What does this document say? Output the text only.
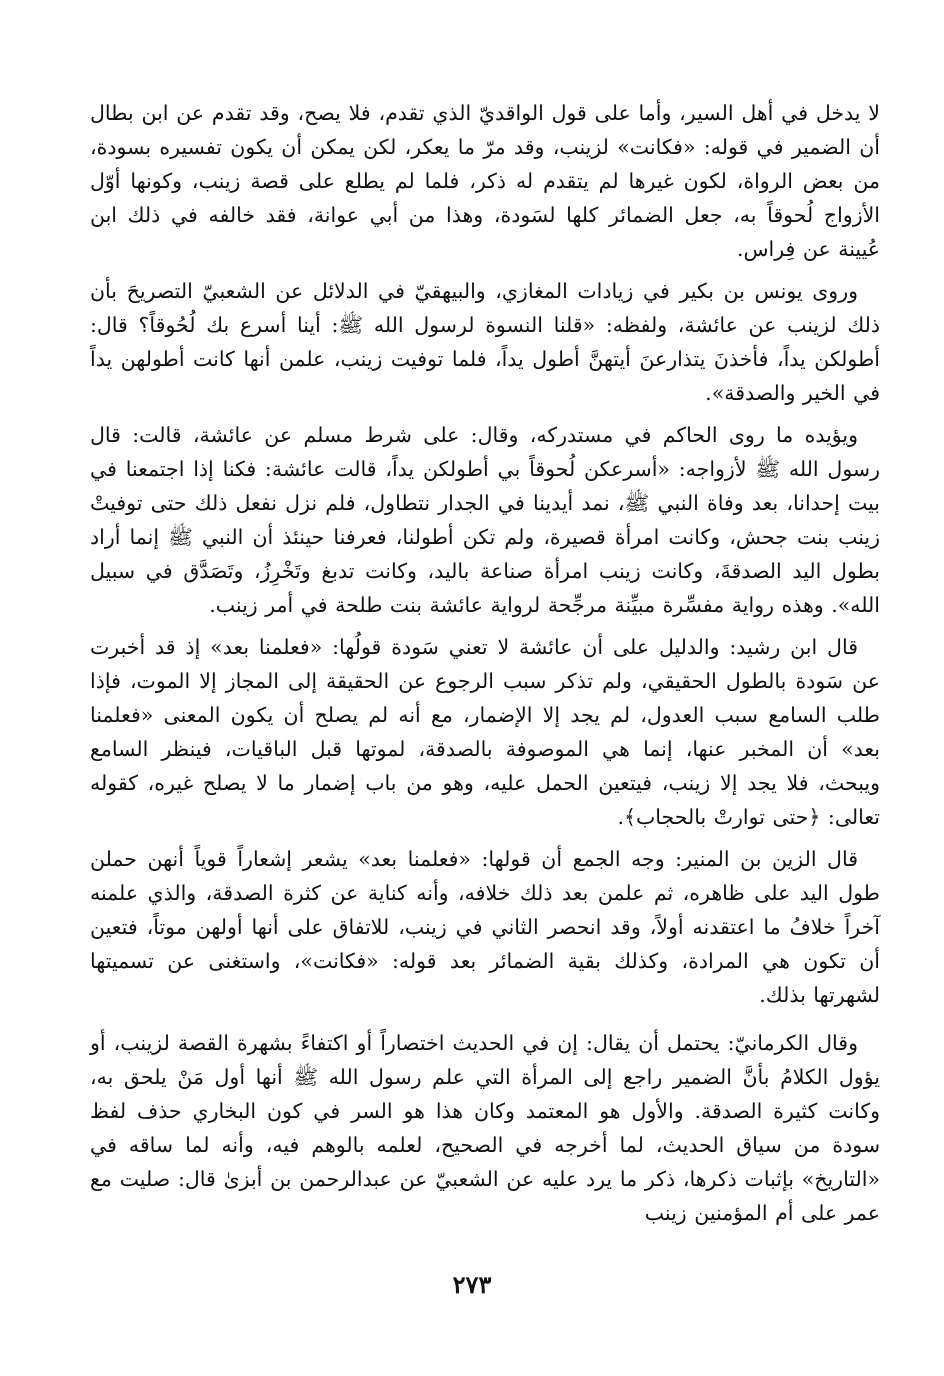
لا يدخل في أهل السير، وأما على قول الواقديّ الذي تقدم، فلا يصح، وقد تقدم عن ابن بطال أن الضمير في قوله: «فكانت» لزينب، وقد مرّ ما يعكر، لكن يمكن أن يكون تفسيره بسودة، من بعض الرواة، لكون غيرها لم يتقدم له ذكر، فلما لم يطلع على قصة زينب، وكونها أوّل الأزواج لُحوقاً به، جعل الضمائر كلها لسَودة، وهذا من أبي عوانة، فقد خالفه في ذلك ابن عُيينة عن فِراس.

وروى يونس بن بكير في زيادات المغازي، والبيهقيّ في الدلائل عن الشعبيّ التصريحَ بأن ذلك لزينب عن عائشة، ولفظه: «قلنا النسوة لرسول الله ﷺ: أينا أسرع بك لُحُوقاً؟ قال: أطولكن يداً، فأخذنَ يتذارعنَ أيتهنَّ أطول يداً، فلما توفيت زينب، علمن أنها كانت أطولهن يداً في الخير والصدقة».

ويؤيده ما روى الحاكم في مستدركه، وقال: على شرط مسلم عن عائشة، قالت: قال رسول الله ﷺ لأزواجه: «أسرعكن لُحوقاً بي أطولكن يداً، قالت عائشة: فكنا إذا اجتمعنا في بيت إحدانا، بعد وفاة النبي ﷺ، نمد أيدينا في الجدار نتطاول، فلم نزل نفعل ذلك حتى توفيتْ زينب بنت جحش، وكانت امرأة قصيرة، ولم تكن أطولنا، فعرفنا حينئذ أن النبي ﷺ إنما أراد بطول اليد الصدقةَ، وكانت زينب امرأة صناعة باليد، وكانت تدبغ وتَخْرِزُ، وتَصَدَّق في سبيل الله». وهذه رواية مفسِّرة مبيِّنة مرجِّحة لرواية عائشة بنت طلحة في أمر زينب.

قال ابن رشيد: والدليل على أن عائشة لا تعني سَودة قولُها: «فعلمنا بعد» إذ قد أخبرت عن سَودة بالطول الحقيقي، ولم تذكر سبب الرجوع عن الحقيقة إلى المجاز إلا الموت، فإذا طلب السامع سبب العدول، لم يجد إلا الإضمار، مع أنه لم يصلح أن يكون المعنى «فعلمنا بعد» أن المخبر عنها، إنما هي الموصوفة بالصدقة، لموتها قبل الباقيات، فينظر السامع ويبحث، فلا يجد إلا زينب، فيتعين الحمل عليه، وهو من باب إضمار ما لا يصلح غيره، كقوله تعالى: ﴿حتى توارتْ بالحجاب﴾.

قال الزين بن المنير: وجه الجمع أن قولها: «فعلمنا بعد» يشعر إشعاراً قوياً أنهن حملن طول اليد على ظاهره، ثم علمن بعد ذلك خلافه، وأنه كناية عن كثرة الصدقة، والذي علمنه آخراً خلافُ ما اعتقدنه أولاً، وقد انحصر الثاني في زينب، للاتفاق على أنها أولهن موتاً، فتعين أن تكون هي المرادة، وكذلك بقية الضمائر بعد قوله: «فكانت»، واستغنى عن تسميتها لشهرتها بذلك.

وقال الكرمانيّ: يحتمل أن يقال: إن في الحديث اختصاراً أو اكتفاءً بشهرة القصة لزينب، أو يؤول الكلامُ بأنَّ الضمير راجع إلى المرأة التي علم رسول الله ﷺ أنها أول مَنْ يلحق به، وكانت كثيرة الصدقة. والأول هو المعتمد وكان هذا هو السر في كون البخاري حذف لفظ سودة من سياق الحديث، لما أخرجه في الصحيح، لعلمه بالوهم فيه، وأنه لما ساقه في «التاريخ» بإثبات ذكرها، ذكر ما يرد عليه عن الشعبيّ عن عبدالرحمن بن أبزىٰ قال: صليت مع عمر على أم المؤمنين زينب

٢٧٣
